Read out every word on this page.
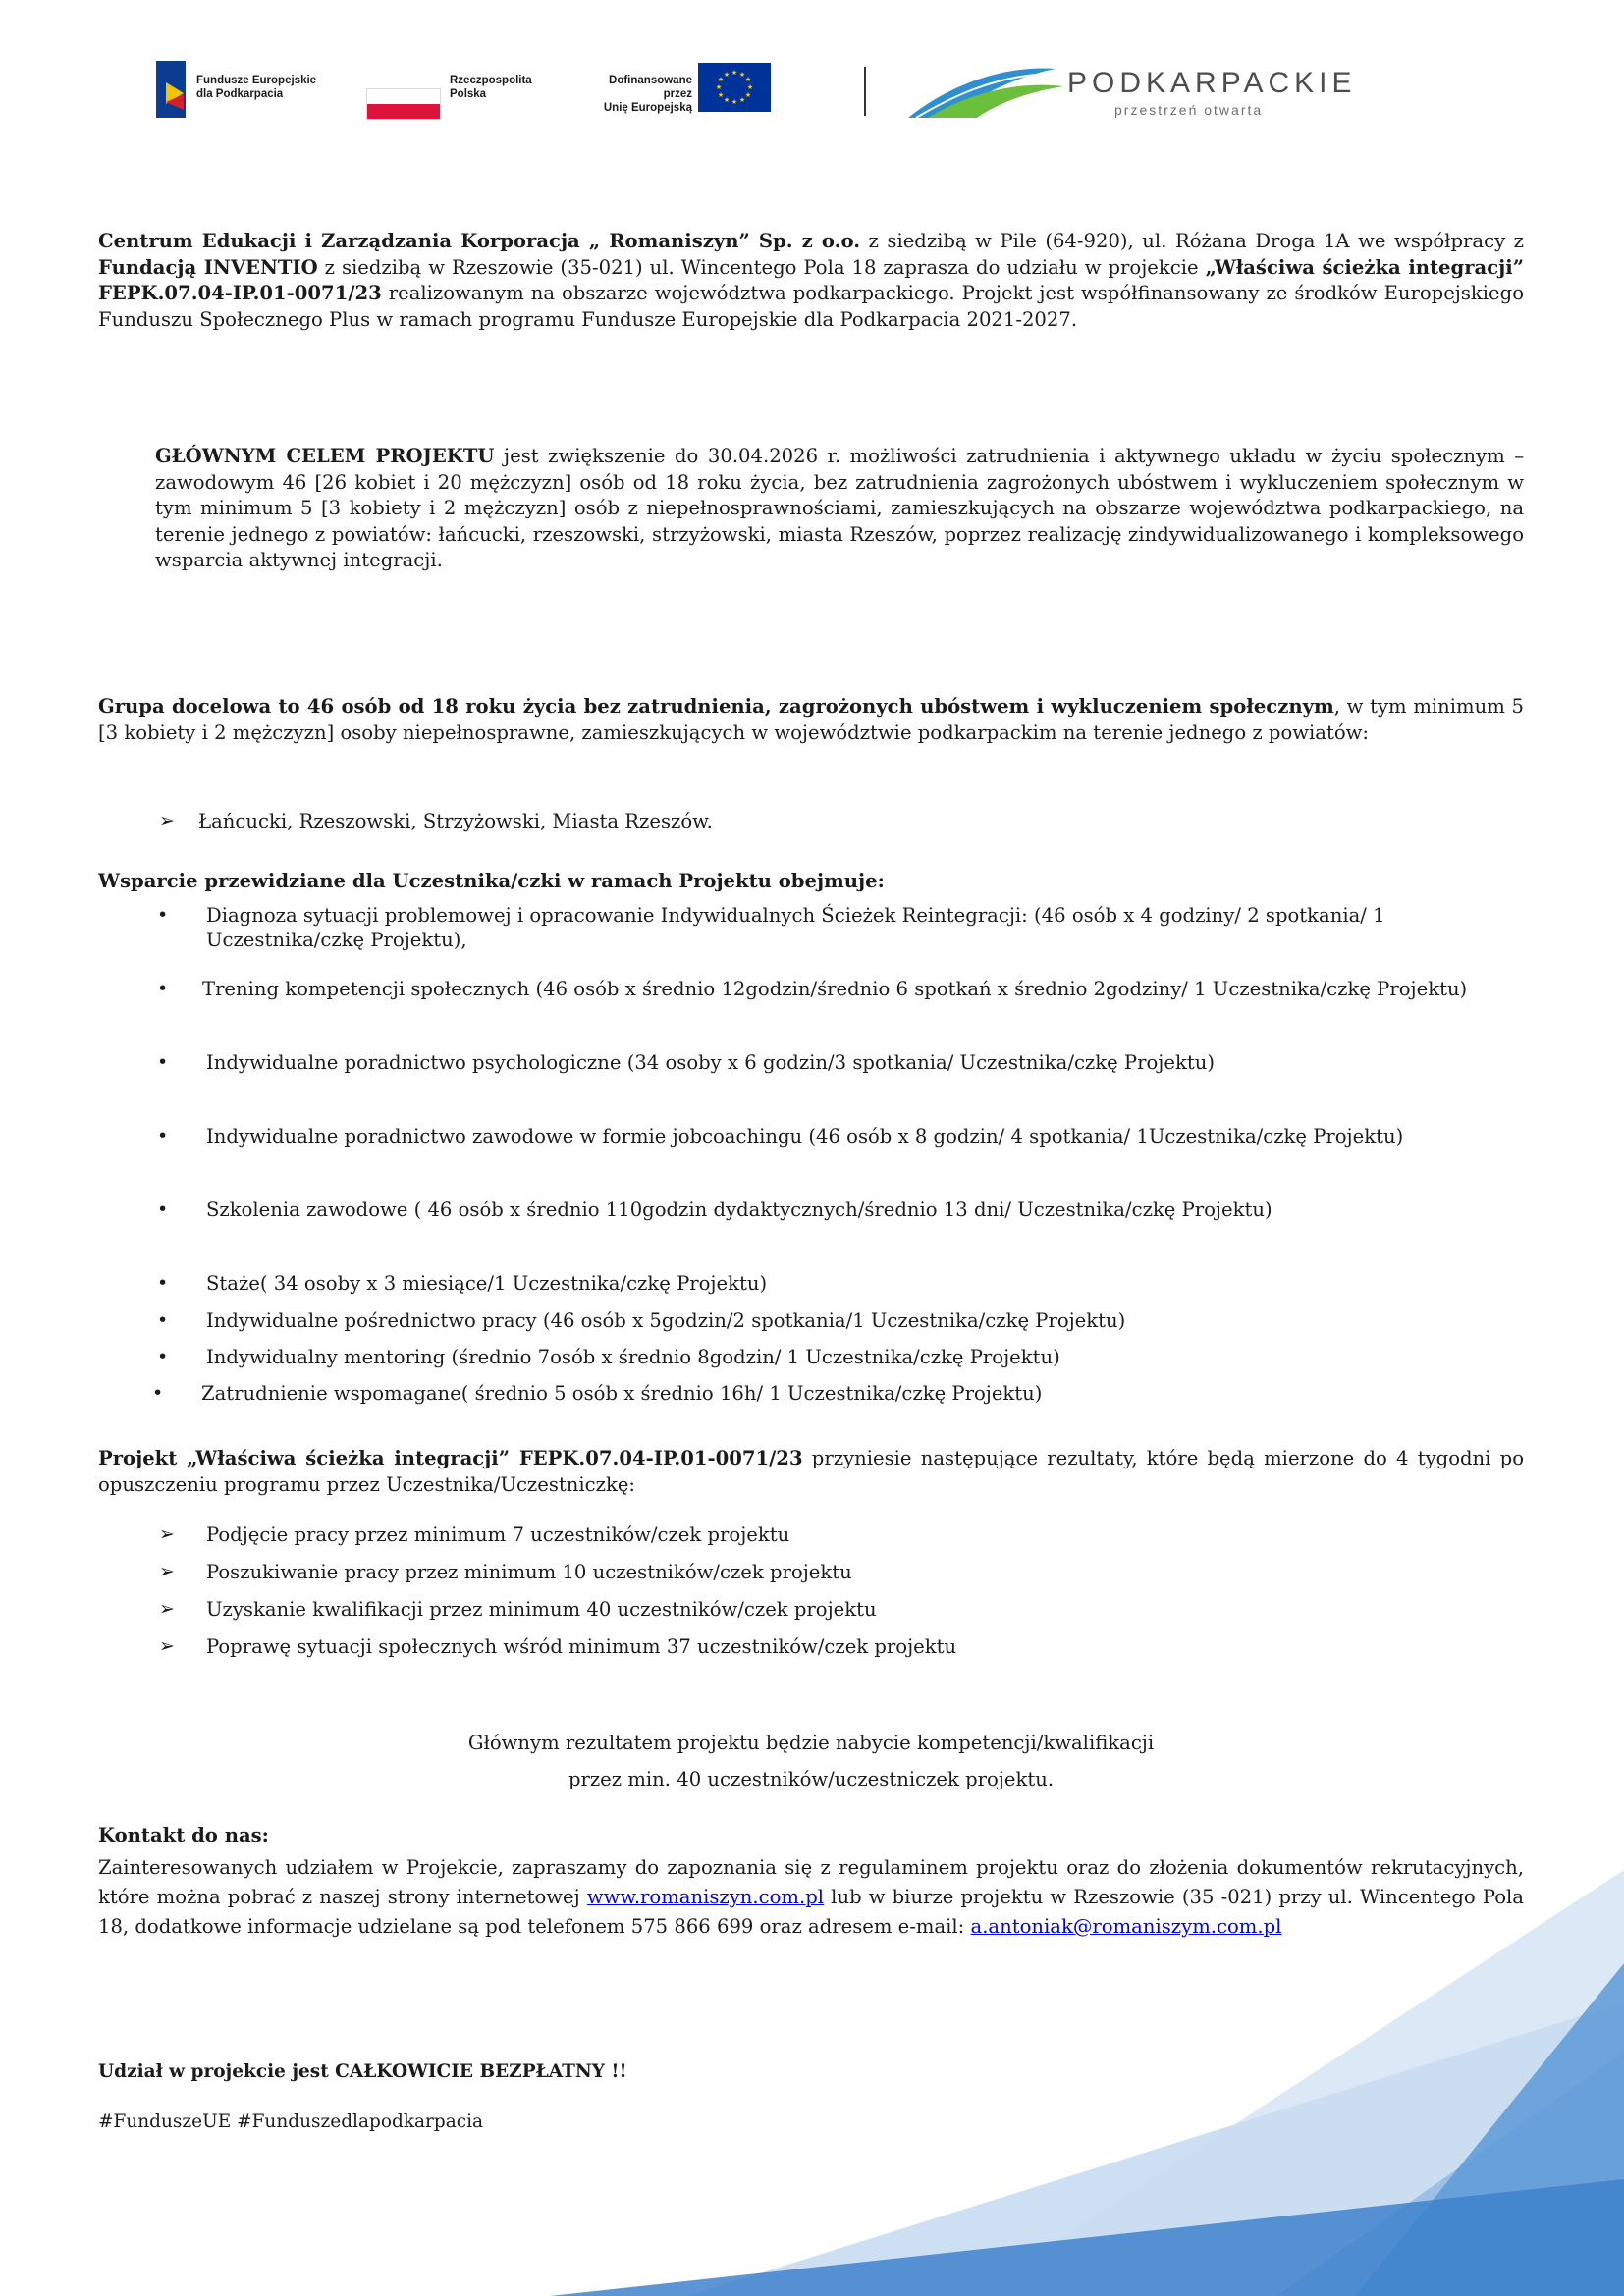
Fundusze Europejskie
dla Podkarpacia
Rzeczpospolita
Polska
Dofinansowane przez
Unię Europejską
★ ★
★
★
★
★
★
★
★
★
★
★	PODKARPACKIE
przestrzeń otwarta
Centrum Edukacji i Zarządzania Korporacja „ Romaniszyn” Sp. z o.o. z siedzibą w Pile (64-920), ul. Różana Droga 1A we współpracy z Fundacją INVENTIO z siedzibą w Rzeszowie (35-021) ul. Wincentego Pola 18 zaprasza do udziału w projekcie „Właściwa ścieżka integracji” FEPK.07.04-IP.01-0071/23 realizowanym na obszarze województwa podkarpackiego. Projekt jest współfinansowany ze środków Europejskiego Funduszu Społecznego Plus w ramach programu Fundusze Europejskie dla Podkarpacia 2021-2027.
GŁÓWNYM CELEM PROJEKTU jest zwiększenie do 30.04.2026 r. możliwości zatrudnienia i aktywnego układu w życiu społecznym – zawodowym 46 [26 kobiet i 20 mężczyzn] osób od 18 roku życia, bez zatrudnienia zagrożonych ubóstwem i wykluczeniem społecznym w tym minimum 5 [3 kobiety i 2 mężczyzn] osób z niepełnosprawnościami, zamieszkujących na obszarze województwa podkarpackiego, na terenie jednego z powiatów: łańcucki, rzeszowski, strzyżowski, miasta Rzeszów, poprzez realizację zindywidualizowanego i kompleksowego wsparcia aktywnej integracji.
Grupa docelowa to 46 osób od 18 roku życia bez zatrudnienia, zagrożonych ubóstwem i wykluczeniem społecznym, w tym minimum 5 [3 kobiety i 2 mężczyzn] osoby niepełnosprawne, zamieszkujących w województwie podkarpackim na terenie jednego z powiatów:
➢ Łańcucki, Rzeszowski, Strzyżowski, Miasta Rzeszów.
Wsparcie przewidziane dla Uczestnika/czki w ramach Projektu obejmuje:
• Diagnoza sytuacji problemowej i opracowanie Indywidualnych Ścieżek Reintegracji: (46 osób x 4 godziny/ 2 spotkania/ 1 Uczestnika/czkę Projektu),
• Trening kompetencji społecznych (46 osób x średnio 12godzin/średnio 6 spotkań x średnio 2godziny/ 1 Uczestnika/czkę Projektu)
• Indywidualne poradnictwo psychologiczne (34 osoby x 6 godzin/3 spotkania/ Uczestnika/czkę Projektu)
• Indywidualne poradnictwo zawodowe w formie jobcoachingu (46 osób x 8 godzin/ 4 spotkania/ 1Uczestnika/czkę Projektu)
• Szkolenia zawodowe ( 46 osób x średnio 110godzin dydaktycznych/średnio 13 dni/ Uczestnika/czkę Projektu)
• Staże( 34 osoby x 3 miesiące/1 Uczestnika/czkę Projektu)
• Indywidualne pośrednictwo pracy (46 osób x 5godzin/2 spotkania/1 Uczestnika/czkę Projektu)
• Indywidualny mentoring (średnio 7osób x średnio 8godzin/ 1 Uczestnika/czkę Projektu)
• Zatrudnienie wspomagane( średnio 5 osób x średnio 16h/ 1 Uczestnika/czkę Projektu)
Projekt „Właściwa ścieżka integracji” FEPK.07.04-IP.01-0071/23 przyniesie następujące rezultaty, które będą mierzone do 4 tygodni po opuszczeniu programu przez Uczestnika/Uczestniczkę:
➢ Podjęcie pracy przez minimum 7 uczestników/czek projektu
➢ Poszukiwanie pracy przez minimum 10 uczestników/czek projektu
➢ Uzyskanie kwalifikacji przez minimum 40 uczestników/czek projektu
➢ Poprawę sytuacji społecznych wśród minimum 37 uczestników/czek projektu
Głównym rezultatem projektu będzie nabycie kompetencji/kwalifikacji
przez min. 40 uczestników/uczestniczek projektu.
Kontakt do nas:
Zainteresowanych udziałem w Projekcie, zapraszamy do zapoznania się z regulaminem projektu oraz do złożenia dokumentów rekrutacyjnych, które można pobrać z naszej strony internetowej www.romaniszyn.com.pl lub w biurze projektu w Rzeszowie (35 -021) przy ul. Wincentego Pola 18, dodatkowe informacje udzielane są pod telefonem 575 866 699 oraz adresem e-mail: a.antoniak@romaniszym.com.pl
Udział w projekcie jest CAŁKOWICIE BEZPŁATNY !!
#FunduszeUE #Funduszedlapodkarpacia
